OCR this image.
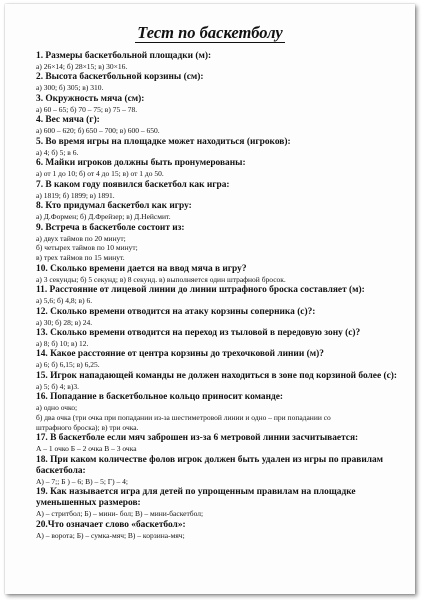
Тест по баскетболу
1. Размеры баскетбольной площадки (м):
а) 26×14; б) 28×15; в) 30×16.
2. Высота баскетбольной корзины (см):
а) 300; б) 305; в) 310.
3. Окружность мяча (см):
а) 60 – 65; б) 70 – 75; в) 75 – 78.
4. Вес мяча (г):
а) 600 – 620; б) 650 – 700; в) 600 – 650.
5. Во время игры на площадке может находиться (игроков):
а) 4; б) 5; в 6.
6. Майки игроков должны быть пронумерованы:
а) от 1 до 10; б) от 4 до 15; в) от 1 до 50.
7. В каком году появился баскетбол как игра:
а) 1819; б) 1899; в) 1891.
8. Кто придумал баскетбол как игру:
а) Д.Формен; б) Д.Фрейзер; в) Д.Нейсмит.
9. Встреча в баскетболе состоит из:
а) двух таймов по 20 минут;
б) четырех таймов по 10 минут;
в) трех таймов по 15 минут.
10. Сколько времени дается на ввод мяча в игру?
а) 3 секунды; б) 5 секунд; в) 8 секунд. в) выполняется один штрафной бросок.
11. Расстояние от лицевой линии до линии штрафного броска составляет (м):
а) 5,6; б) 4,8; в) 6.
12. Сколько времени отводится на атаку корзины соперника (с)?:
а) 30; б) 28; в) 24.
13. Сколько времени отводится на переход из тыловой в передовую зону (с)?
а) 8; б) 10; в) 12.
14. Какое расстояние от центра корзины до трехочковой линии (м)?
а) 6; б) 6,15; в) 6,25.
15. Игрок нападающей команды не должен находиться в зоне под корзиной более (с):
а) 5; б) 4; в)3.
16. Попадание в баскетбольное кольцо приносит команде:
а) одно очко;
б) два очка (три очка при попадании из-за шестиметровой линии и одно – при попадании со
штрафного броска); в) три очка.
17. В баскетболе если мяч заброшен из-за 6 метровой линии засчитывается:
А – 1 очко Б – 2 очка В – 3 очка
18. При каком количестве фолов игрок должен быть удален из игры по правилам баскетбола:
А) – 7;; Б ) – 6; В) – 5; Г) – 4;
19. Как называется игра для детей по упрощенным правилам на площадке уменьшенных размеров:
А) – стритбол; Б) – мини- бол; В) – мини-баскетбол;
20.Что означает слово «баскетбол»:
А) – ворота; Б) – сумка-мяч; В) – корзина-мяч;
